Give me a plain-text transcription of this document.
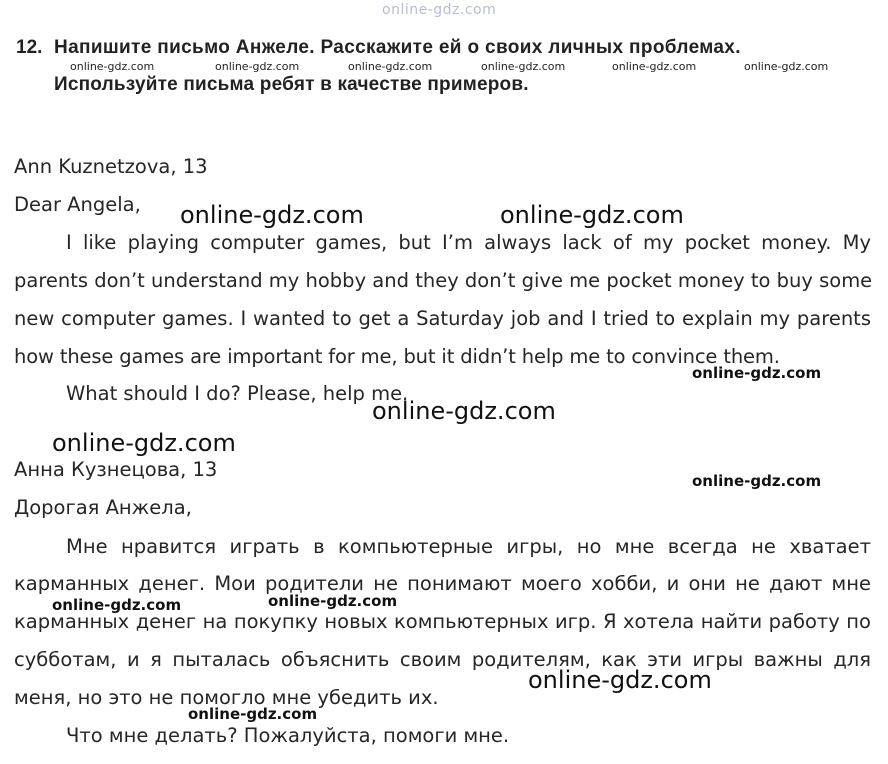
online-gdz.com
12. Напишите письмо Анжеле. Расскажите ей о своих личных проблемах.
online-gdz.com	online-gdz.com	online-gdz.com	online-gdz.com	online-gdz.com	online-gdz.com
Используйте письма ребят в качестве примеров.
Ann Kuznetzova, 13
Dear Angela,
I like playing computer games, but I’m always lack of my pocket money. My
parents don’t understand my hobby and they don’t give me pocket money to buy some
new computer games. I wanted to get a Saturday job and I tried to explain my parents
how these games are important for me, but it didn’t help me to convince them.
What should I do? Please, help me.
Анна Кузнецова, 13
Дорогая Анжела,
Мне нравится играть в компьютерные игры, но мне всегда не хватает
карманных денег. Мои родители не понимают моего хобби, и они не дают мне
карманных денег на покупку новых компьютерных игр. Я хотела найти работу по
субботам, и я пыталась объяснить своим родителям, как эти игры важны для
меня, но это не помогло мне убедить их.
Что мне делать? Пожалуйста, помоги мне.
online-gdz.com	online-gdz.com
online-gdz.com
online-gdz.com
online-gdz.com
online-gdz.com
online-gdz.com
online-gdz.com	online-gdz.com
online-gdz.com
